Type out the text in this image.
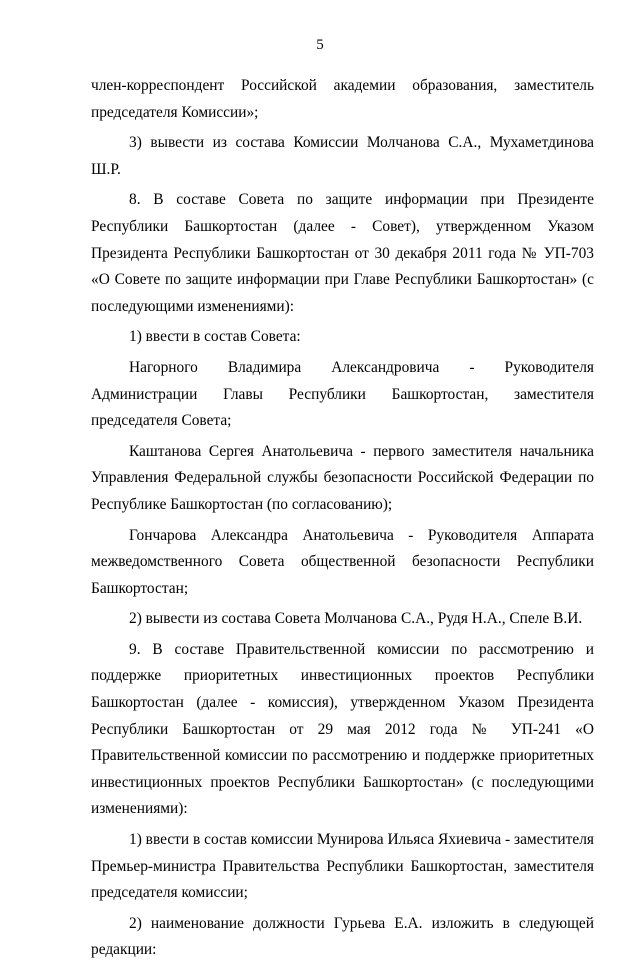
5

член-корреспондент Российской академии образования, заместитель председателя Комиссии»;

3) вывести из состава Комиссии Молчанова С.А., Мухаметдинова Ш.Р.

8. В составе Совета по защите информации при Президенте Республики Башкортостан (далее - Совет), утвержденном Указом Президента Республики Башкортостан от 30 декабря 2011 года № УП-703 «О Совете по защите информации при Главе Республики Башкортостан» (с последующими изменениями):

1) ввести в состав Совета:

Нагорного Владимира Александровича - Руководителя Администрации Главы Республики Башкортостан, заместителя председателя Совета;

Каштанова Сергея Анатольевича - первого заместителя начальника Управления Федеральной службы безопасности Российской Федерации по Республике Башкортостан (по согласованию);

Гончарова Александра Анатольевича - Руководителя Аппарата межведомственного Совета общественной безопасности Республики Башкортостан;

2) вывести из состава Совета Молчанова С.А., Рудя Н.А., Спеле В.И.

9. В составе Правительственной комиссии по рассмотрению и поддержке приоритетных инвестиционных проектов Республики Башкортостан (далее - комиссия), утвержденном Указом Президента Республики Башкортостан от 29 мая 2012 года № УП-241 «О Правительственной комиссии по рассмотрению и поддержке приоритетных инвестиционных проектов Республики Башкортостан» (с последующими изменениями):

1) ввести в состав комиссии Мунирова Ильяса Яхиевича - заместителя Премьер-министра Правительства Республики Башкортостан, заместителя председателя комиссии;

2) наименование должности Гурьева Е.А. изложить в следующей редакции:
